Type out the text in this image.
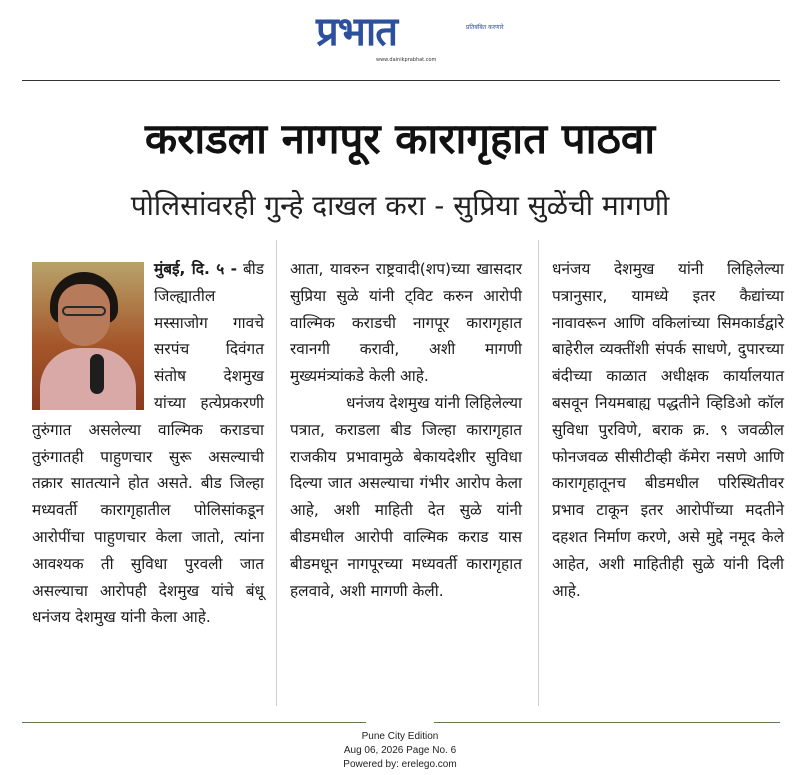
प्रभात	प्रतिबंबित करणारे
www.dainikprabhat.com
कराडला नागपूर कारागृहात पाठवा
पोलिसांवरही गुन्हे दाखल करा - सुप्रिया सुळेंची मागणी

मुंबई, दि. ५ - बीड जिल्ह्यातील मस्साजोग गावचे सरपंच दिवंगत संतोष देशमुख यांच्या हत्येप्रकरणी तुरुंगात असलेल्या वाल्मिक कराडचा तुरुंगातही पाहुणचार सुरू असल्याची तक्रार सातत्याने होत असते. बीड जिल्हा मध्यवर्ती कारागृहातील पोलिसांकडून आरोपींचा पाहुणचार केला जातो, त्यांना आवश्यक ती सुविधा पुरवली जात असल्याचा आरोपही देशमुख यांचे बंधू धनंजय देशमुख यांनी केला आहे.

आता, यावरुन राष्ट्रवादी(शप)च्या खासदार सुप्रिया सुळे यांनी ट्विट करुन आरोपी वाल्मिक कराडची नागपूर कारागृहात रवानगी करावी, अशी मागणी मुख्यमंत्र्यांकडे केली आहे.

धनंजय देशमुख यांनी लिहिलेल्या पत्रात, कराडला बीड जिल्हा कारागृहात राजकीय प्रभावामुळे बेकायदेशीर सुविधा दिल्या जात असल्याचा गंभीर आरोप केला आहे, अशी माहिती देत सुळे यांनी बीडमधील आरोपी वाल्मिक कराड यास बीडमधून नागपूरच्या मध्यवर्ती कारागृहात हलवावे, अशी मागणी केली.

धनंजय देशमुख यांनी लिहिलेल्या पत्रानुसार, यामध्ये इतर कैद्यांच्या नावावरून आणि वकिलांच्या सिमकार्डद्वारे बाहेरील व्यक्तींशी संपर्क साधणे, दुपारच्या बंदीच्या काळात अधीक्षक कार्यालयात बसवून नियमबाह्य पद्धतीने व्हिडिओ कॉल सुविधा पुरविणे, बराक क्र. ९ जवळील फोनजवळ सीसीटीव्ही कॅमेरा नसणे आणि कारागृहातूनच बीडमधील परिस्थितीवर प्रभाव टाकून इतर आरोपींच्या मदतीने दहशत निर्माण करणे, असे मुद्दे नमूद केले आहेत, अशी माहितीही सुळे यांनी दिली आहे.

Pune City Edition
Aug 06, 2026 Page No. 6
Powered by: erelego.com
